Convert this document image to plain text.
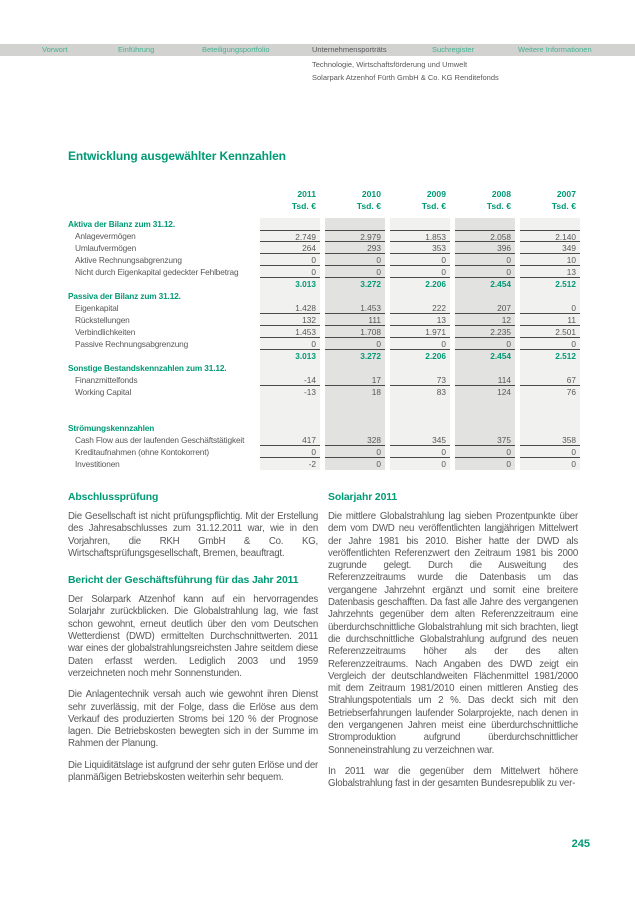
Vorwort	Einführung	Beteiligungsportfolio	Unternehmensporträts	Suchregister	Weitere Informationen
Technologie, Wirtschaftsförderung und Umwelt
Solarpark Atzenhof Fürth GmbH & Co. KG Renditefonds
Entwicklung ausgewählter Kennzahlen
2011	2010	2009	2008	2007
Tsd. €	Tsd. €	Tsd. €	Tsd. €	Tsd. €
Aktiva der Bilanz zum 31.12.
Anlagevermögen	2.749	2.979	1.853	2.058	2.140
Umlaufvermögen	264	293	353	396	349
Aktive Rechnungsabgrenzung	0	0	0	0	10
Nicht durch Eigenkapital gedeckter Fehlbetrag	0	0	0	0	13
3.013	3.272	2.206	2.454	2.512
Passiva der Bilanz zum 31.12.
Eigenkapital	1.428	1.453	222	207	0
Rückstellungen	132	111	13	12	11
Verbindlichkeiten	1.453	1.708	1.971	2.235	2.501
Passive Rechnungsabgrenzung	0	0	0	0	0
3.013	3.272	2.206	2.454	2.512
Sonstige Bestandskennzahlen zum 31.12.
Finanzmittelfonds	-14	17	73	114	67
Working Capital	-13	18	83	124	76
Strömungskennzahlen
Cash Flow aus der laufenden Geschäftstätigkeit	417	328	345	375	358
Kreditaufnahmen (ohne Kontokorrent)	0	0	0	0	0
Investitionen	-2	0	0	0	0
Abschlussprüfung

Die Gesellschaft ist nicht prüfungspflichtig. Mit der Erstellung des Jahresabschlusses zum 31.12.2011 war, wie in den Vorjahren, die RKH GmbH & Co. KG, Wirtschaftsprüfungsgesellschaft, Bremen, beauftragt.

Bericht der Geschäftsführung für das Jahr 2011

Der Solarpark Atzenhof kann auf ein hervorragendes Solarjahr zurückblicken. Die Globalstrahlung lag, wie fast schon gewohnt, erneut deutlich über den vom Deutschen Wetterdienst (DWD) ermittelten Durchschnittwerten. 2011 war eines der globalstrahlungsreichsten Jahre seitdem diese Daten erfasst werden. Lediglich 2003 und 1959 verzeichneten noch mehr Sonnenstunden.

Die Anlagentechnik versah auch wie gewohnt ihren Dienst sehr zuverlässig, mit der Folge, dass die Erlöse aus dem Verkauf des produzierten Stroms bei 120 % der Prognose lagen. Die Betriebskosten bewegten sich in der Summe im Rahmen der Planung.

Die Liquiditätslage ist aufgrund der sehr guten Erlöse und der planmäßigen Betriebskosten weiterhin sehr bequem.

Solarjahr 2011

Die mittlere Globalstrahlung lag sieben Prozentpunkte über dem vom DWD neu veröffentlichten langjährigen Mittelwert der Jahre 1981 bis 2010. Bisher hatte der DWD als veröffentlichten Referenzwert den Zeitraum 1981 bis 2000 zugrunde gelegt. Durch die Ausweitung des Referenzzeitraums wurde die Datenbasis um das vergangene Jahrzehnt ergänzt und somit eine breitere Datenbasis geschafften. Da fast alle Jahre des vergangenen Jahrzehnts gegenüber dem alten Referenzzeitraum eine überdurchschnittliche Globalstrahlung mit sich brachten, liegt die durchschnittliche Globalstrahlung aufgrund des neuen Referenzzeitraums höher als der des alten Referenzzeitraums. Nach Angaben des DWD zeigt ein Vergleich der deutschlandweiten Flächenmittel 1981/2000 mit dem Zeitraum 1981/2010 einen mittleren Anstieg des Strahlungspotentials um 2 %. Das deckt sich mit den Betriebserfahrungen laufender Solarprojekte, nach denen in den vergangenen Jahren meist eine überdurchschnittliche Stromproduktion aufgrund überdurchschnittlicher Sonneneinstrahlung zu verzeichnen war.

In 2011 war die gegenüber dem Mittelwert höhere Globalstrahlung fast in der gesamten Bundesrepublik zu ver-

245
